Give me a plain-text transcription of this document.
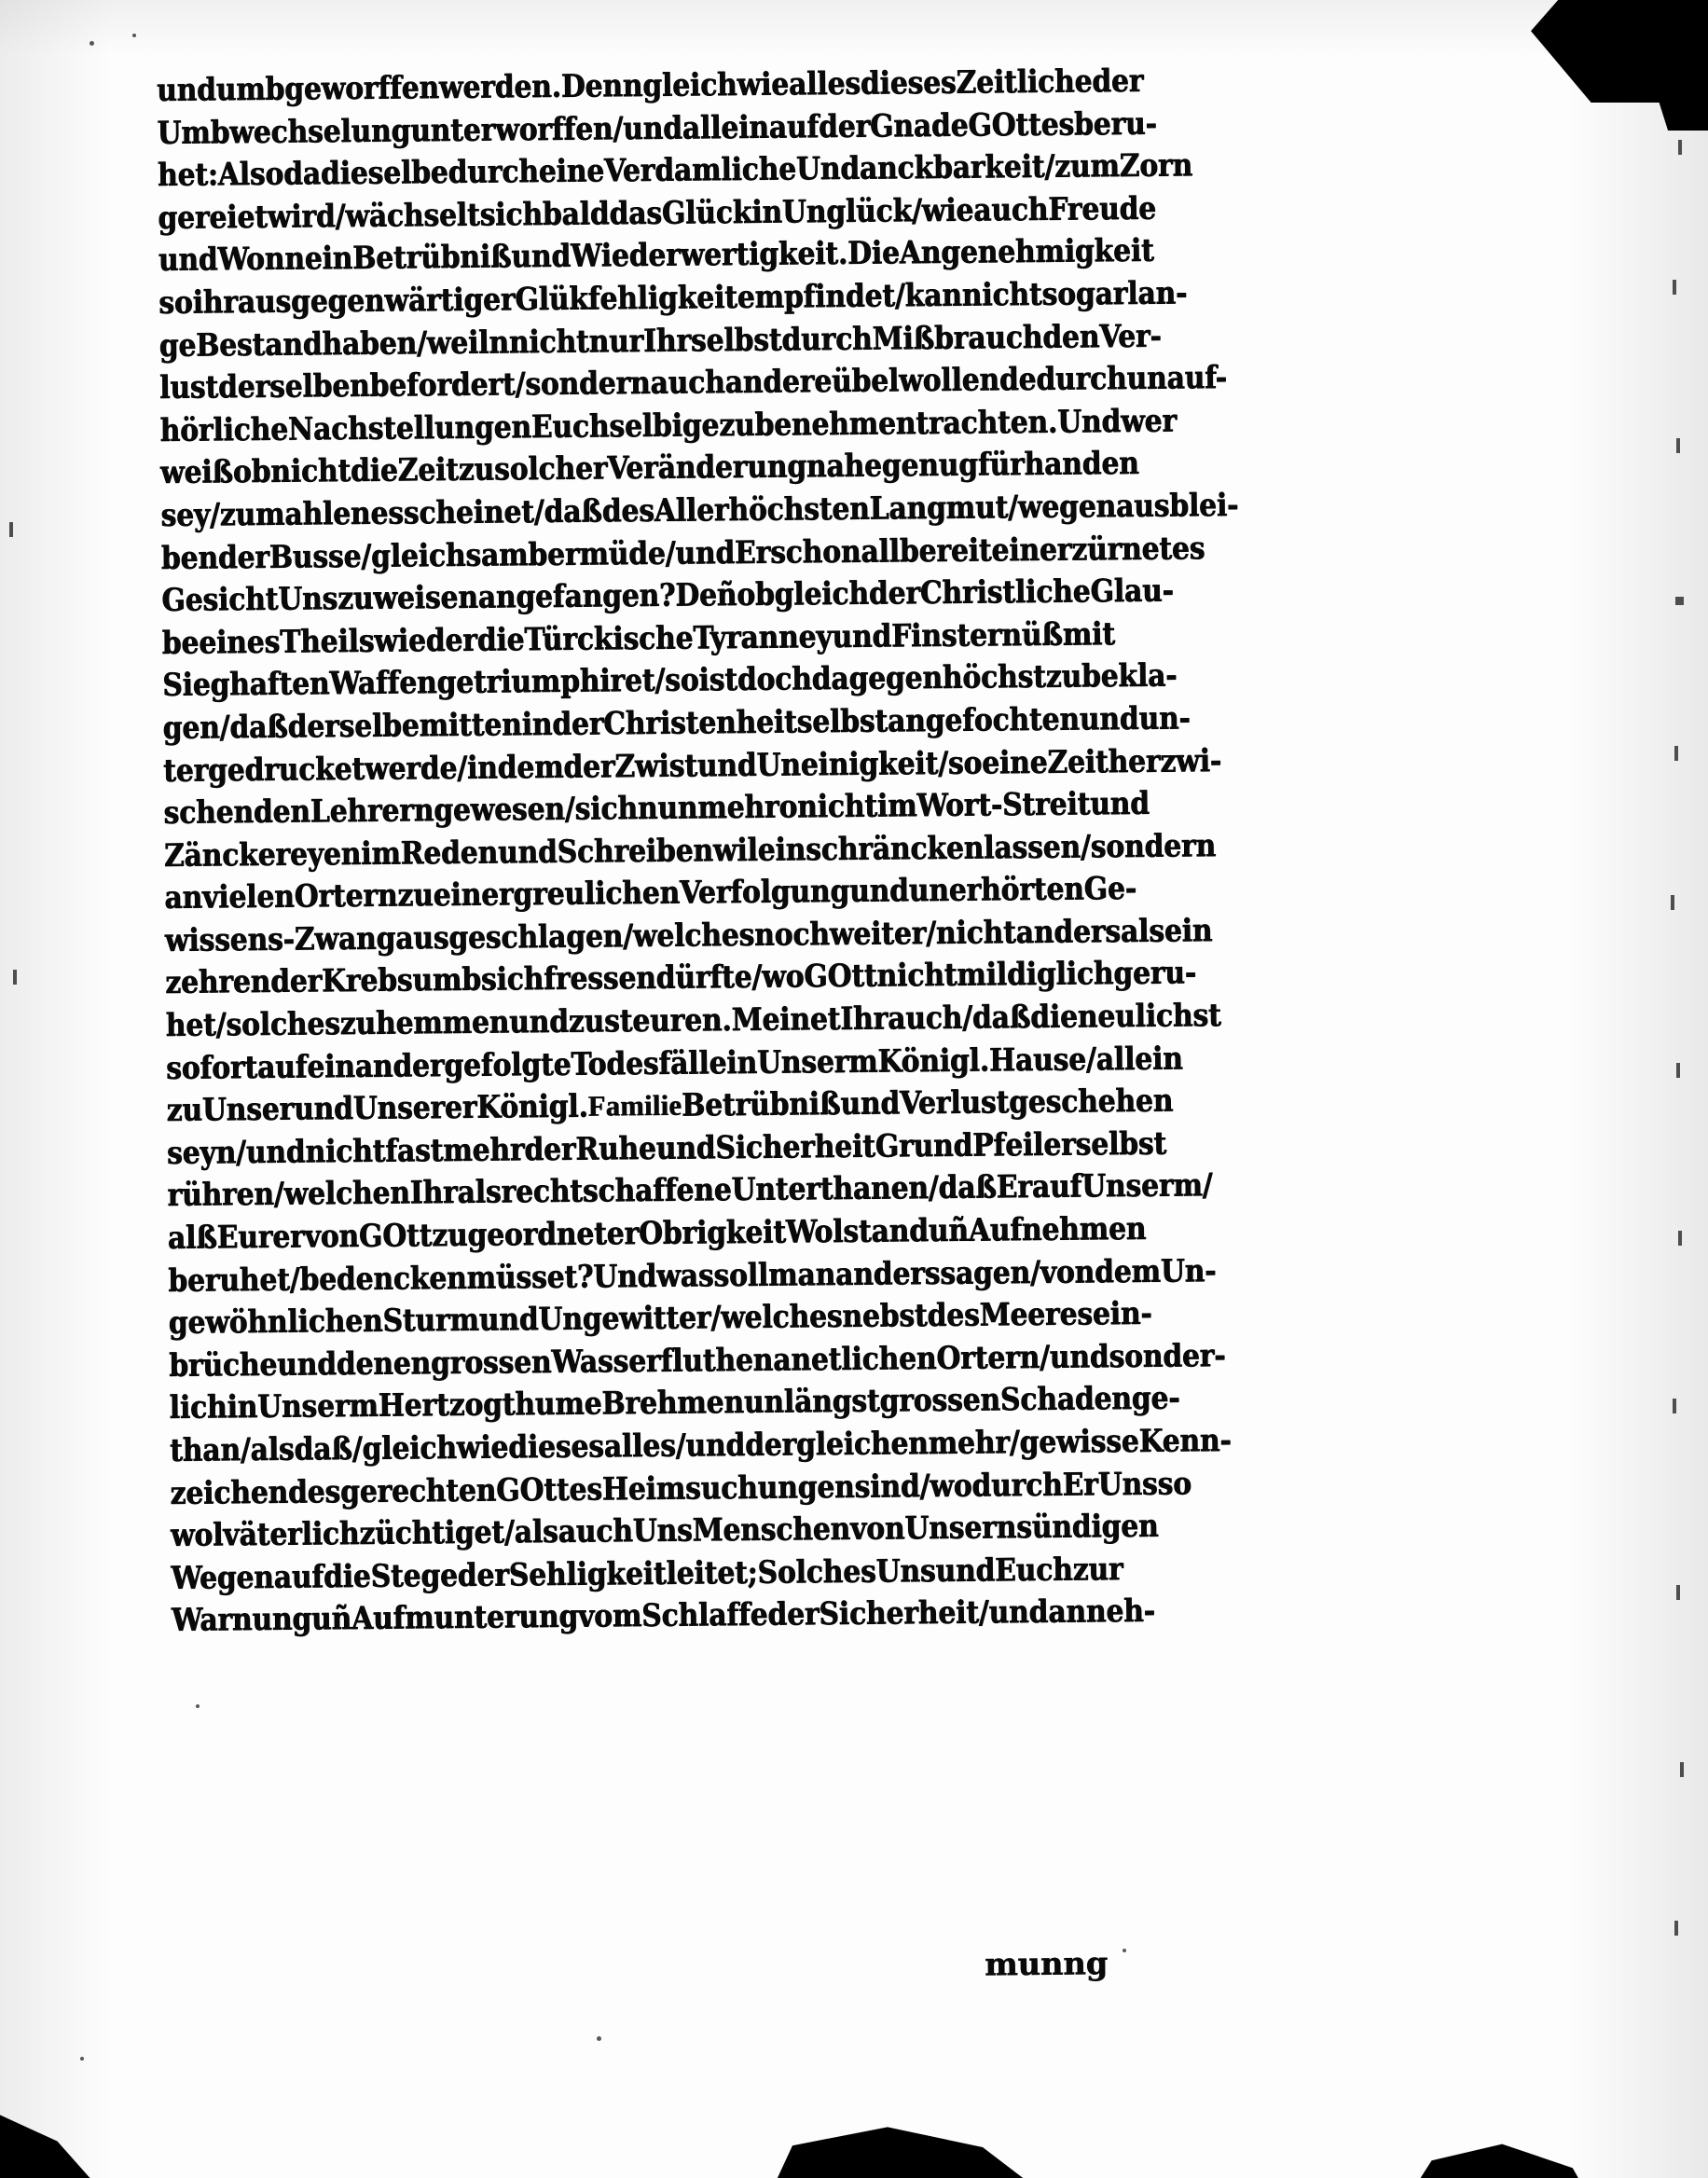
und umbgeworffen werden. Denn gleich wie alles dieses Zeitliche der
Umbwechselung unterworffen/ und allein auf der Gnade GOttes beru-
het: Also da dieselbe durch eine Verdamliche Undanckbarkeit/zum Zorn
gereiet wird/wächselt sich bald das Glück in Unglück / wie auch Freude
und Wonne in Betrübniß und Wiederwertigkeit. Die Angenehmigkeit
so ihr aus gegenwärtiger Glükfehligkeit empfindet / kan nicht so gar lan-
ge Bestand haben/weiln nicht nur Ihr selbst durch Mißbrauch den Ver-
lust derselben befordert/sondern auch andere übelwollende durch unauf-
hörliche Nachstellungen Euch selbige zu benehmen trachten. Und wer
weiß ob nicht die Zeit zu solcher Veränderung nahe genug für handen
sey/zumahlen es scheinet/daß des Allerhöchsten Langmut/wegen ausblei-
bender Busse/ gleichsamb ermüde/ und Er schon allbereit ein erzürnetes
Gesicht Uns zu weisen angefangen? Deñ ob gleich der Christliche Glau-
be eines Theils wieder die Türckische Tyranney und Finsternüß mit
Sieghaften Waffen getriumphiret / so ist doch dagegen höchst zu bekla-
gen/ daß derselbe mitten in der Christenheit selbst angefochten und un-
tergedrucket werde/indem der Zwist und Uneinigkeit/so eine Zeit her zwi-
schen den Lehrern gewesen / sich nunmehro nicht im Wort-Streit und
Zänckereyen im Reden und Schreiben wil einschräncken lassen/ sondern
an vielen Ortern zu einer greulichen Verfolgung und unerhörten Ge-
wissens-Zwang ausgeschlagen/welches noch weiter/nicht anders als ein
zehrender Krebs umb sich fressen dürfte/wo GOtt nicht mildiglich geru-
het/ solches zu hemmen und zu steuren. Meinet Ihr auch/daß die neulichst
so fort auf einander gefolgte Todesfälle in Unserm Königl. Hause/allein
zu Unser und Unserer Königl. Familie Betrübniß und Verlust geschehen
seyn / und nicht fast mehr der Ruhe und Sicherheit GrundPfeiler selbst
rühren/welchen Ihr als rechtschaffene Unterthanen/daß Er auf Unserm/
alß Eurer von GOtt zugeordneter Obrigkeit Wolstand uñ Aufnehmen
beruhet/bedencken müsset? Und was soll man anders sagen/von dem Un-
gewöhnlichen Sturm und Ungewitter / welches nebst des Meeres ein-
brüche und denen grossen Wasserfluthen an etlichen Ortern/und sonder-
lich in Unserm Hertzogthume Brehmen unlängst grossen Schaden ge-
than/als daß/gleich wie dieses alles/und dergleichen mehr/ gewisse Kenn-
zeichen des gerechten GOttes Heimsuchungen sind / wodurch Er Uns so
wol väterlich züchtiget / als auch Uns Menschen von Unsern sündigen
Wegen auf die Stege der Sehligkeit leitet; Solches Uns und Euch zur
Warnung uñ Aufmunterung vom Schlaffe der Sicherheit/und anneh-
munng
